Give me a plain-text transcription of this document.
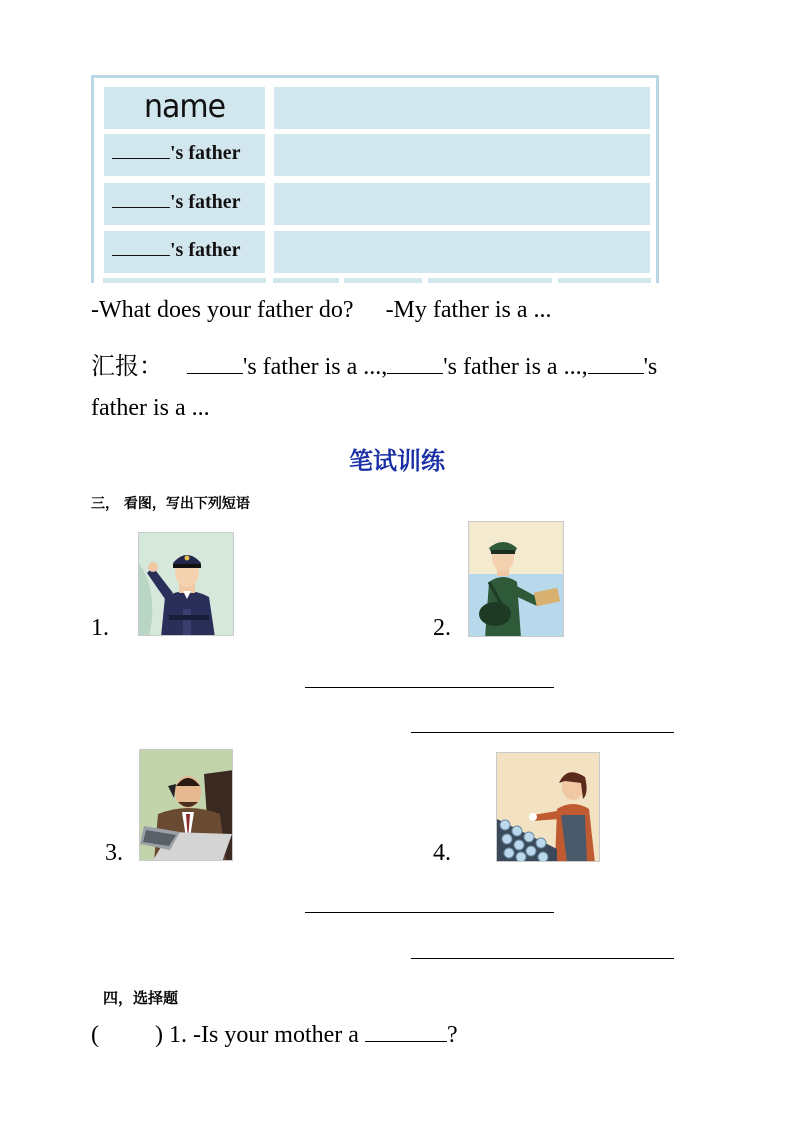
name
's father
's father
's father
-What does your father do? -My father is a ...
汇报：	's father is a ..., 's father is a ..., 's
father is a ...
笔试训练
三， 看图，写出下列短语
1.	2.
3.	4.
四，选择题
( ) 1. -Is your mother a	?
